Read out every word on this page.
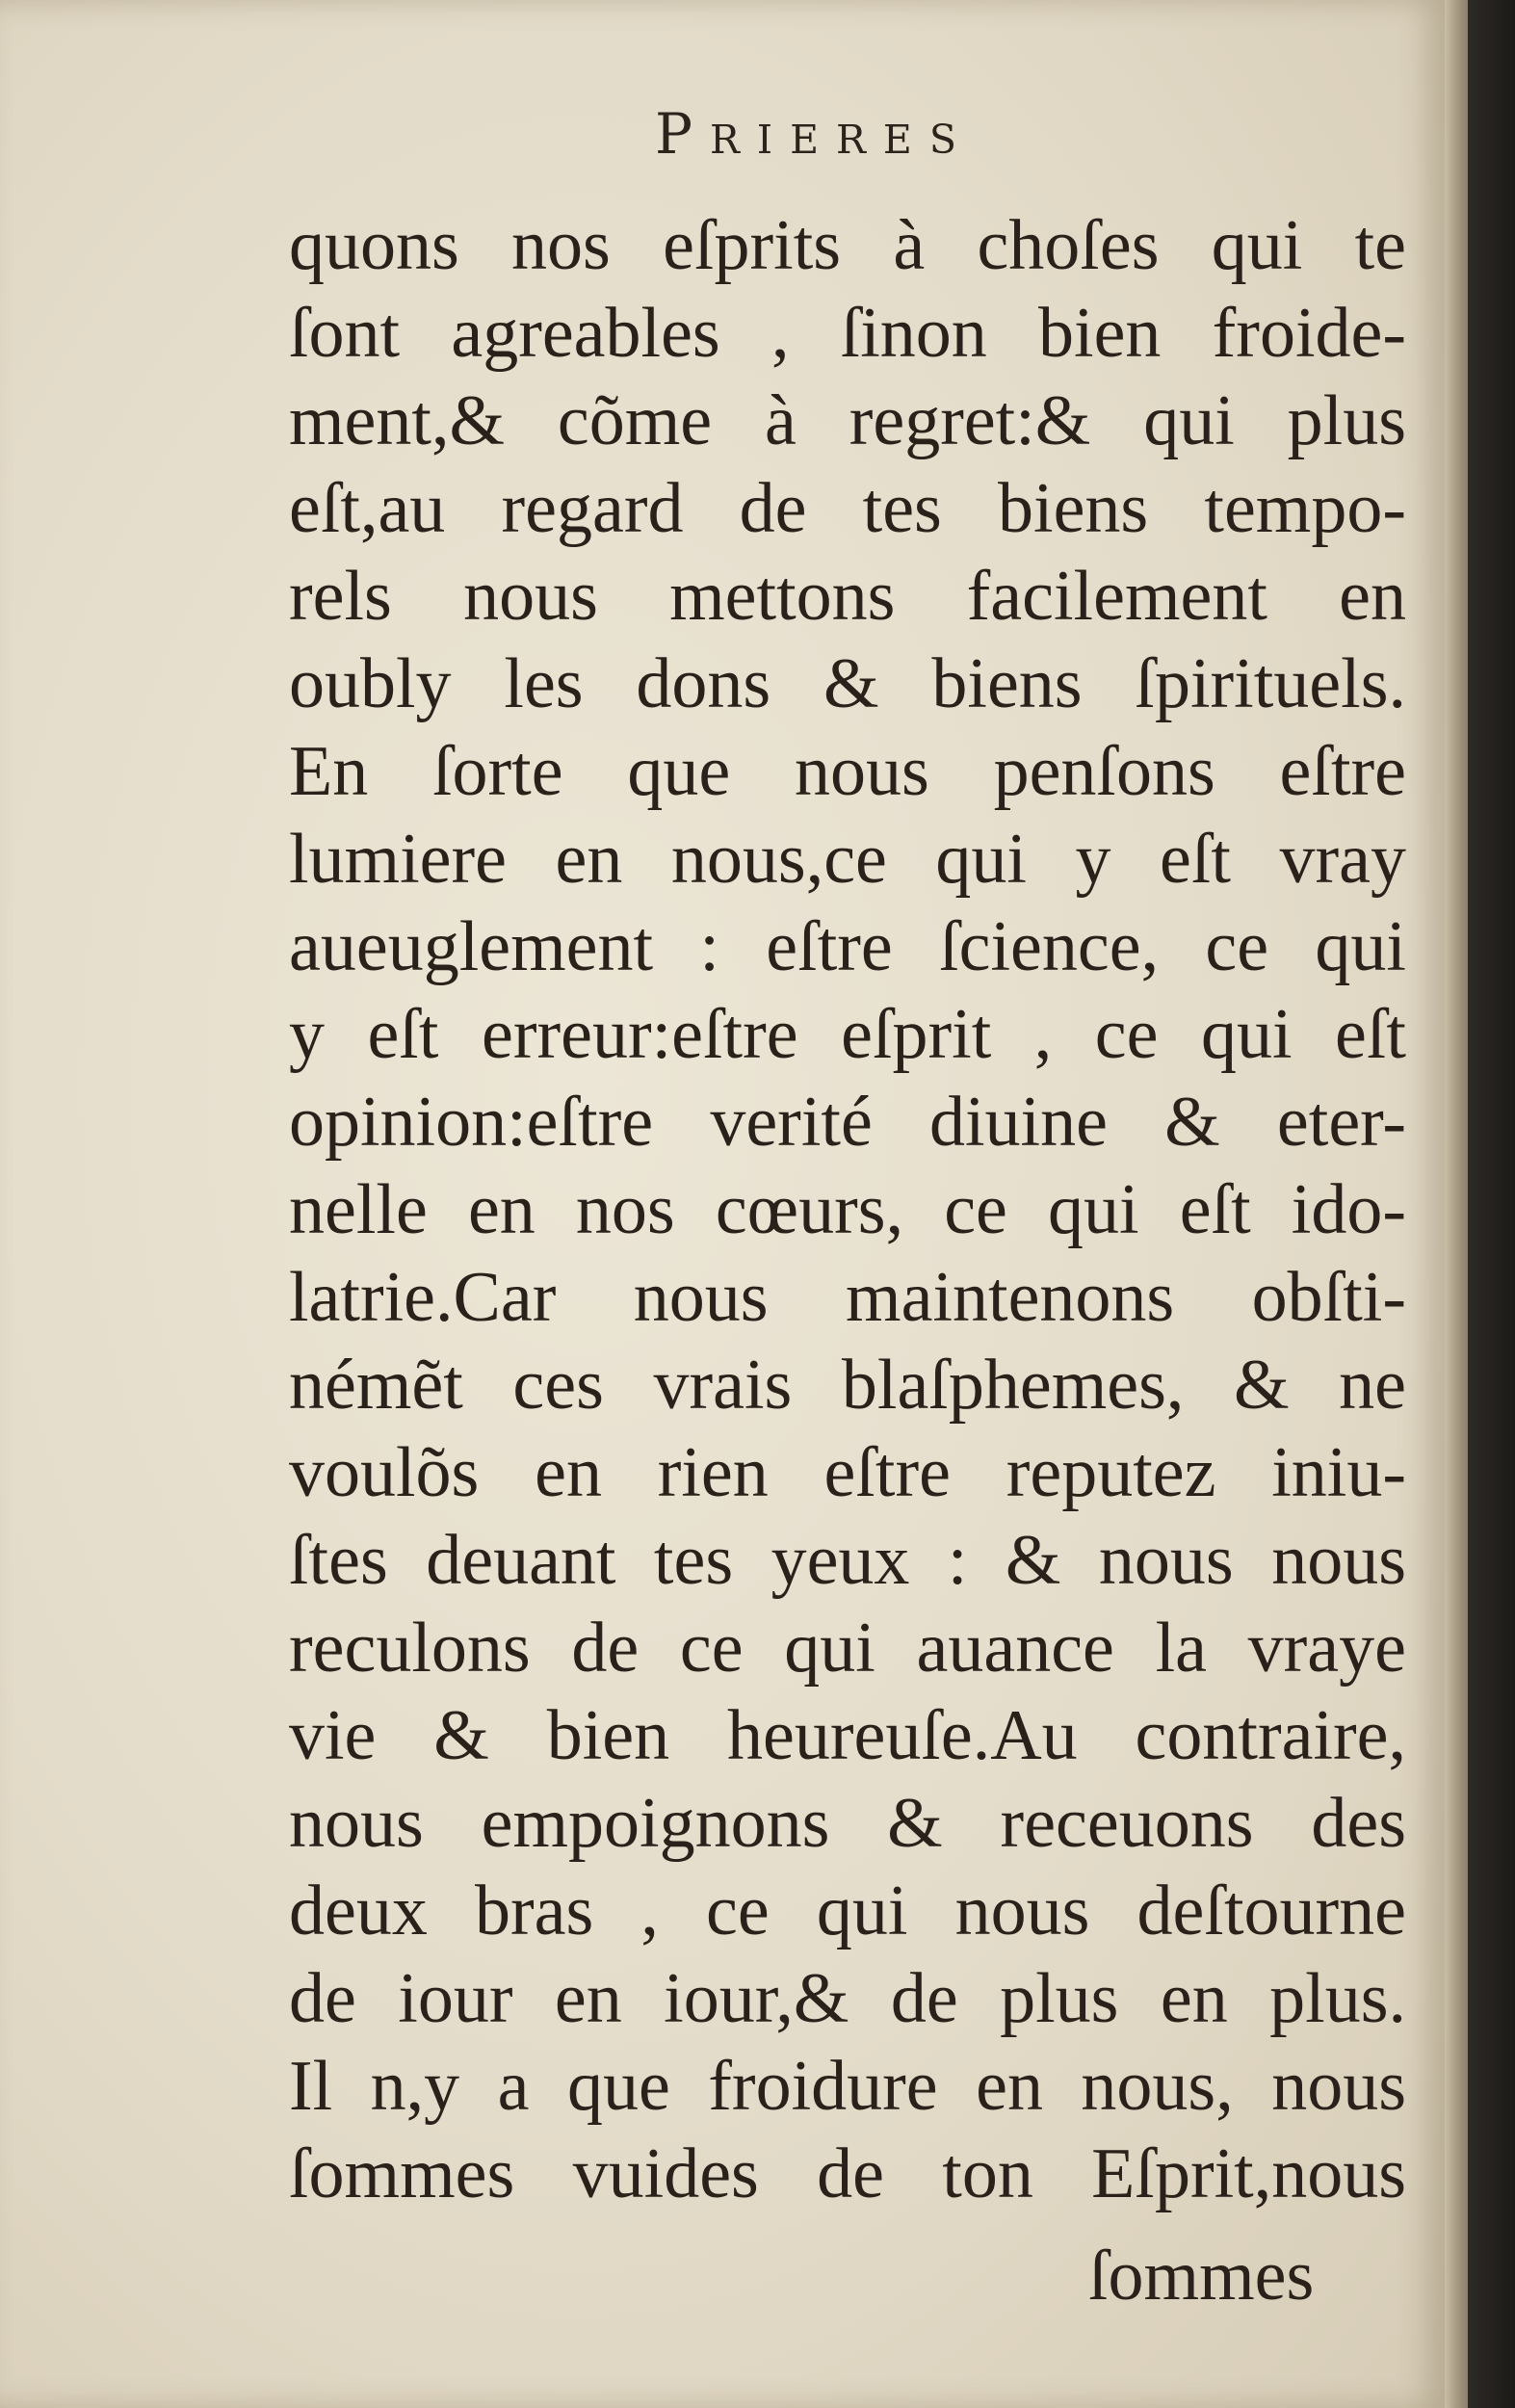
Prieres
quons nos eſprits à choſes qui te
ſont agreables , ſinon bien froide-
ment,& cõme à regret:& qui plus
eſt,au regard de tes biens tempo-
rels nous mettons facilement en
oubly les dons & biens ſpirituels.
En ſorte que nous penſons eſtre
lumiere en nous,ce qui y eſt vray
aueuglement : eſtre ſcience, ce qui
y eſt erreur:eſtre eſprit , ce qui eſt
opinion:eſtre verité diuine & eter-
nelle en nos cœurs, ce qui eſt ido-
latrie.Car nous maintenons obſti-
némẽt ces vrais blaſphemes, & ne
voulõs en rien eſtre reputez iniu-
ſtes deuant tes yeux : & nous nous
reculons de ce qui auance la vraye
vie & bien heureuſe.Au contraire,
nous empoignons & receuons des
deux bras , ce qui nous deſtourne
de iour en iour,& de plus en plus.
Il n,y a que froidure en nous, nous
ſommes vuides de ton Eſprit,nous
ſommes
